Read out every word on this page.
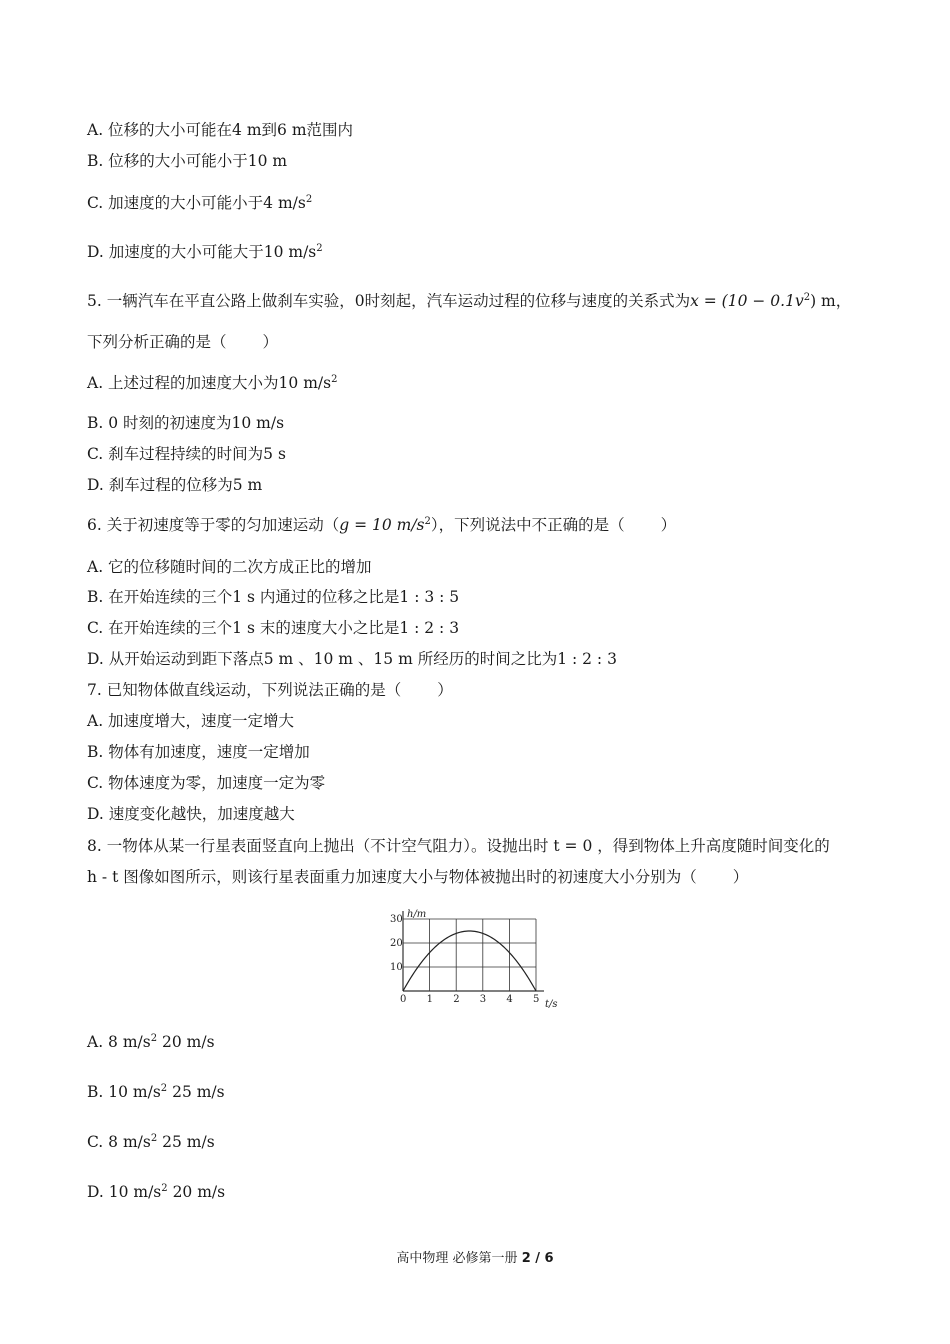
A. 位移的大小可能在4 m到6 m范围内
B. 位移的大小可能小于10 m
C. 加速度的大小可能小于4 $m/s^2$
D. 加速度的大小可能大于10 $m/s^2$
5. 一辆汽车在平直公路上做刹车实验，0时刻起，汽车运动过程的位移与速度的关系式为$x = (10 - 0.1v^2)$ m，
下列分析正确的是（ ）
A. 上述过程的加速度大小为10 $m/s^2$
B. 0 时刻的初速度为10 m/s
C. 刹车过程持续的时间为5 s
D. 刹车过程的位移为5 m
6. 关于初速度等于零的匀加速运动（g = 10 $m/s^2$），下列说法中不正确的是（ ）
A. 它的位移随时间的二次方成正比的增加
B. 在开始连续的三个1 s 内通过的位移之比是1 : 3 : 5
C. 在开始连续的三个1 s 末的速度大小之比是1 : 2 : 3
D. 从开始运动到距下落点5 m 、10 m 、15 m 所经历的时间之比为1 : 2 : 3
7. 已知物体做直线运动，下列说法正确的是（ ）
A. 加速度增大，速度一定增大
B. 物体有加速度，速度一定增加
C. 物体速度为零，加速度一定为零
D. 速度变化越快，加速度越大
8. 一物体从某一行星表面竖直向上抛出（不计空气阻力）。设抛出时 t = 0 ，得到物体上升高度随时间变化的
h - t 图像如图所示，则该行星表面重力加速度大小与物体被抛出时的初速度大小分别为（ ）
10
20
30
0 1 2 3 4 5
h/m
t/s
A. 8 $m/s^2$ 20 m/s
B. 10 $m/s^2$ 25 m/s
C. 8 $m/s^2$ 25 m/s
D. 10 $m/s^2$ 20 m/s
高中物理 必修第一册 2 / 6
